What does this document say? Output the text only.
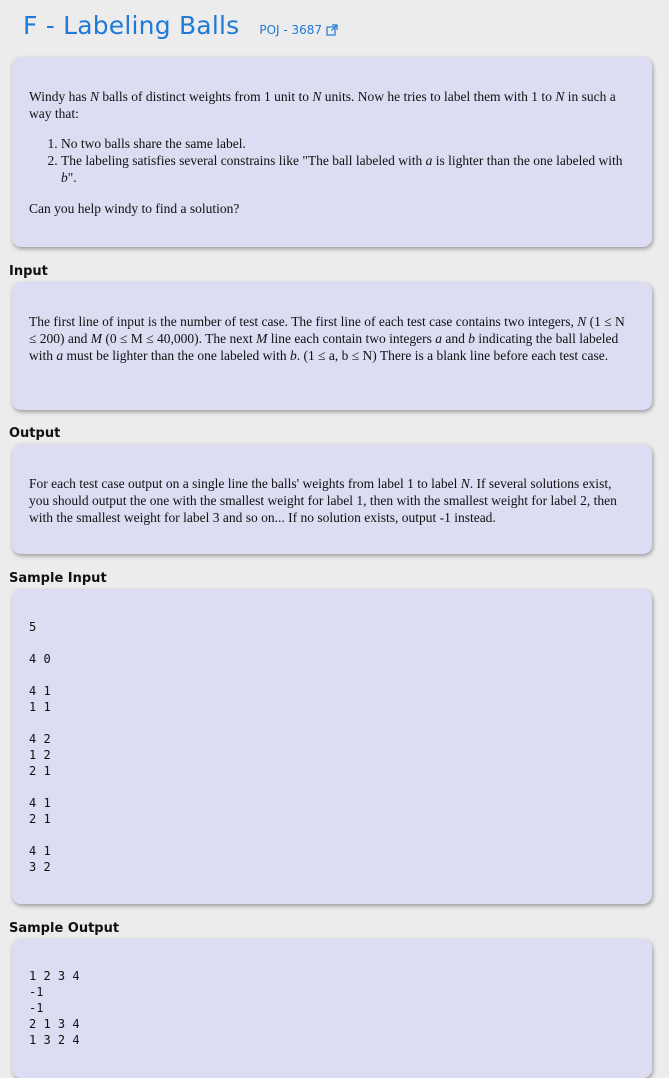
F - Labeling Balls POJ - 3687

Windy has N balls of distinct weights from 1 unit to N units. Now he tries to label them with 1 to N in such a way that:

1. No two balls share the same label.
2. The labeling satisfies several constrains like "The ball labeled with a is lighter than the one labeled with b".

Can you help windy to find a solution?

Input

The first line of input is the number of test case. The first line of each test case contains two integers, N (1 ≤ N ≤ 200) and M (0 ≤ M ≤ 40,000). The next M line each contain two integers a and b indicating the ball labeled with a must be lighter than the one labeled with b. (1 ≤ a, b ≤ N) There is a blank line before each test case.

Output

For each test case output on a single line the balls' weights from label 1 to label N. If several solutions exist, you should output the one with the smallest weight for label 1, then with the smallest weight for label 2, then with the smallest weight for label 3 and so on... If no solution exists, output -1 instead.

Sample Input
5

4 0

4 1
1 1

4 2
1 2
2 1

4 1
2 1

4 1
3 2
Sample Output
1 2 3 4
-1
-1
2 1 3 4
1 3 2 4
